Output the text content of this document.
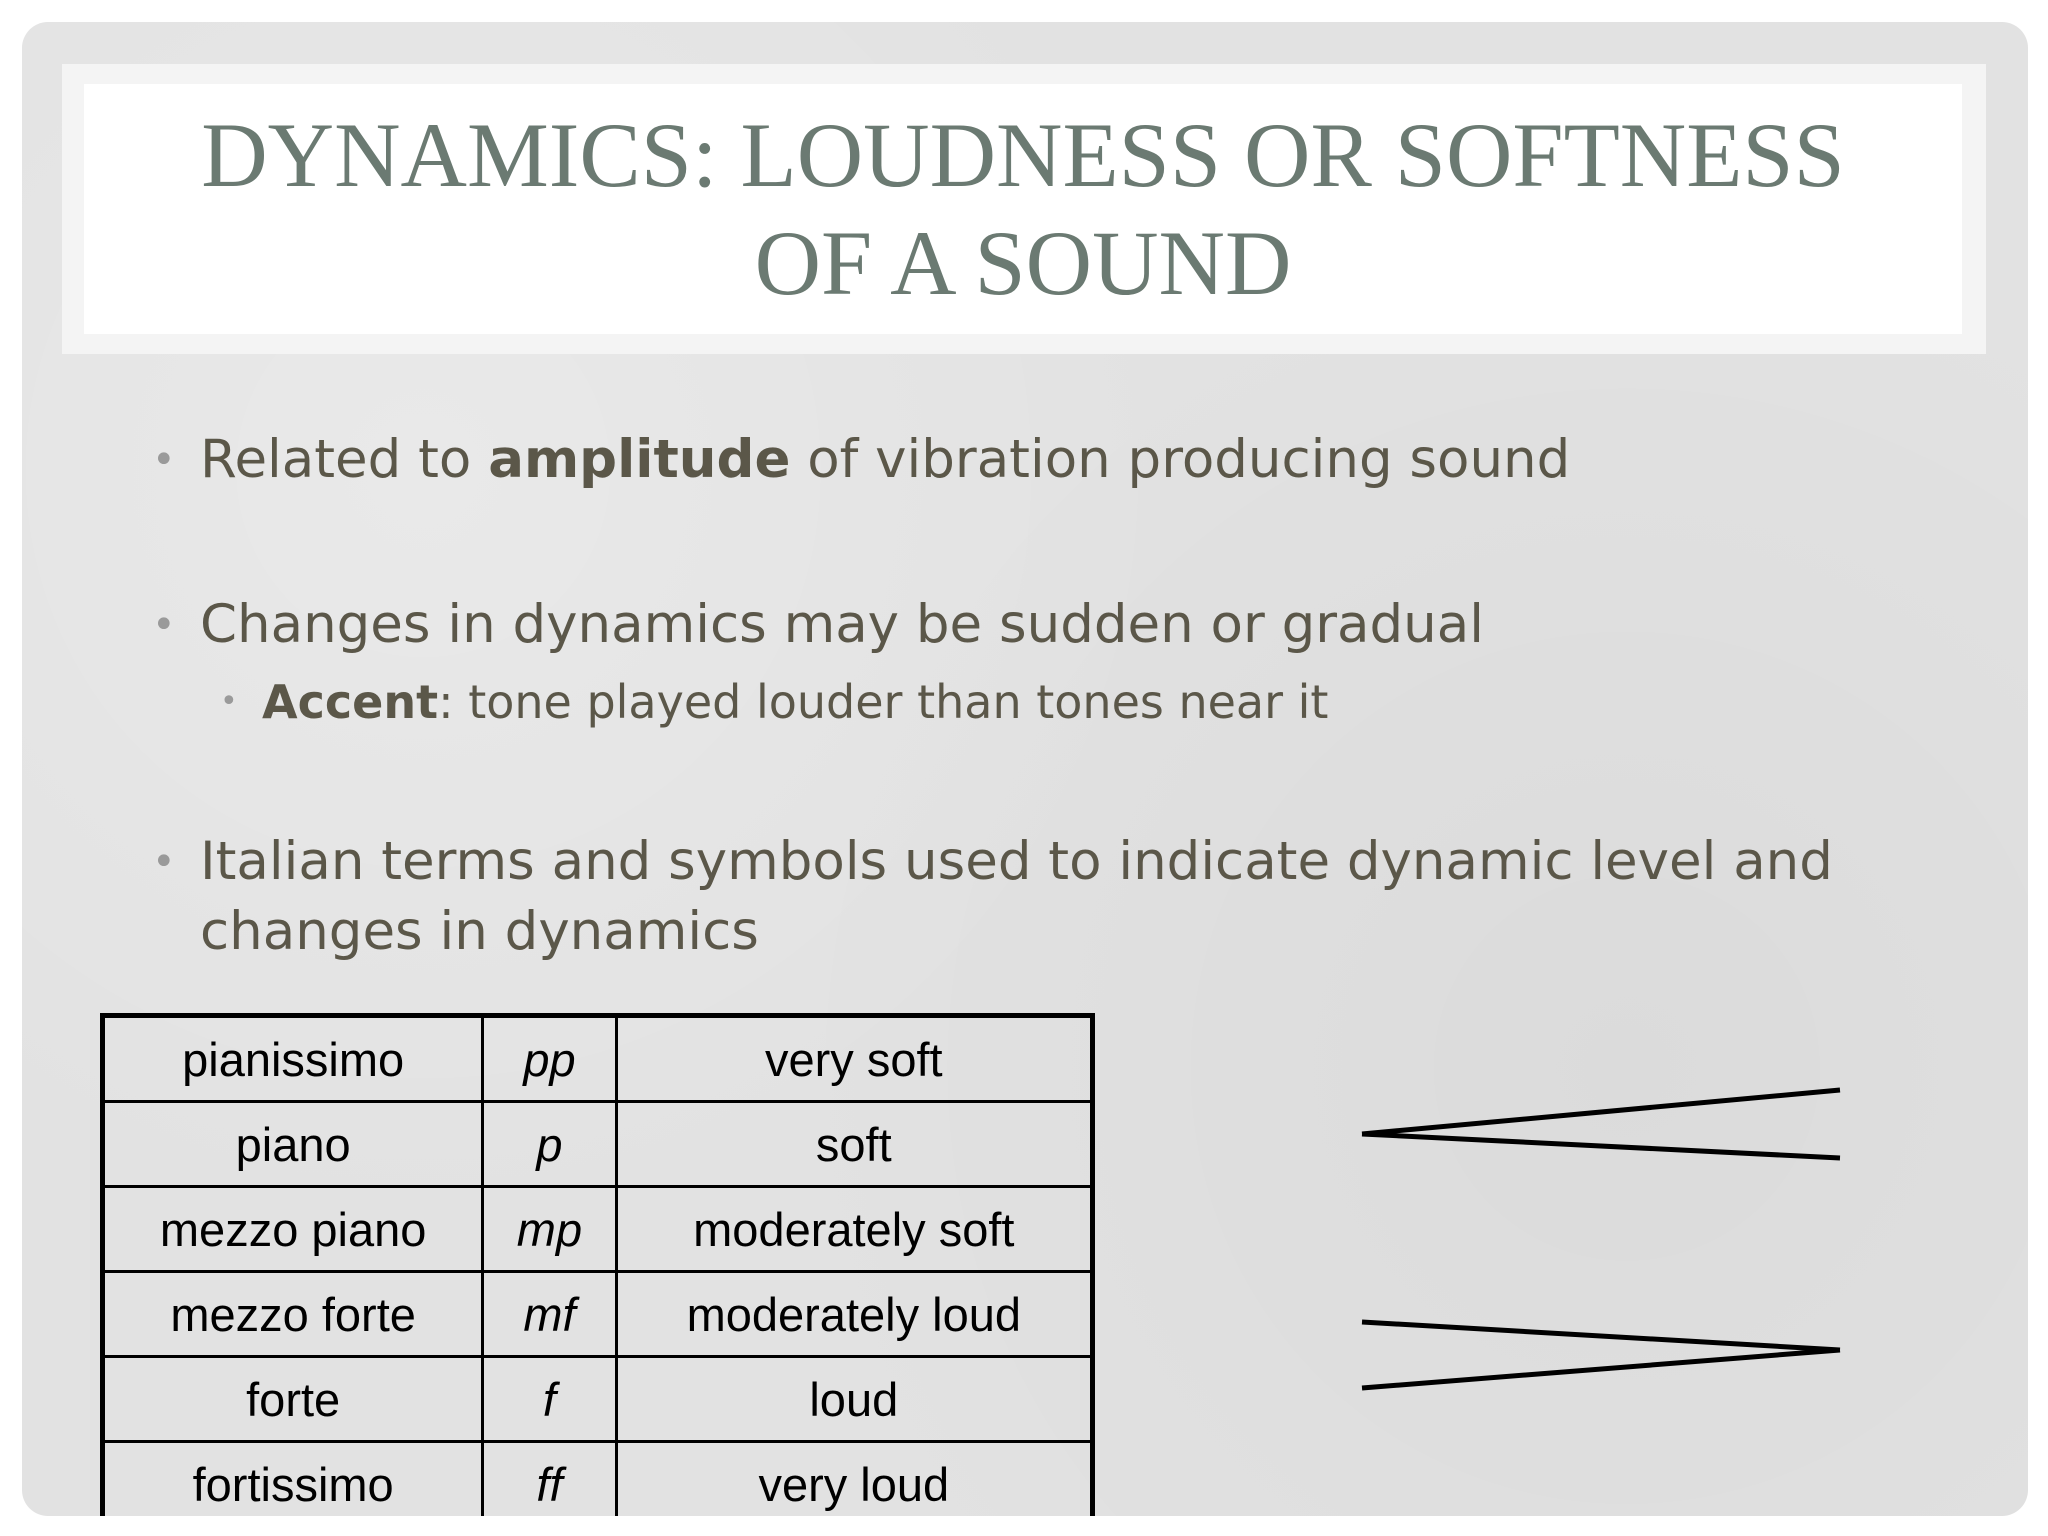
DYNAMICS: LOUDNESS OR SOFTNESS
OF A SOUND
• Related to amplitude of vibration producing sound
• Changes in dynamics may be sudden or gradual
• Accent: tone played louder than tones near it
• Italian terms and symbols used to indicate dynamic level and
changes in dynamics
pianissimo	pp	very soft
piano	p	soft
mezzo piano	mp	moderately soft
mezzo forte	mf	moderately loud
forte	f	loud
fortissimo	ff	very loud
